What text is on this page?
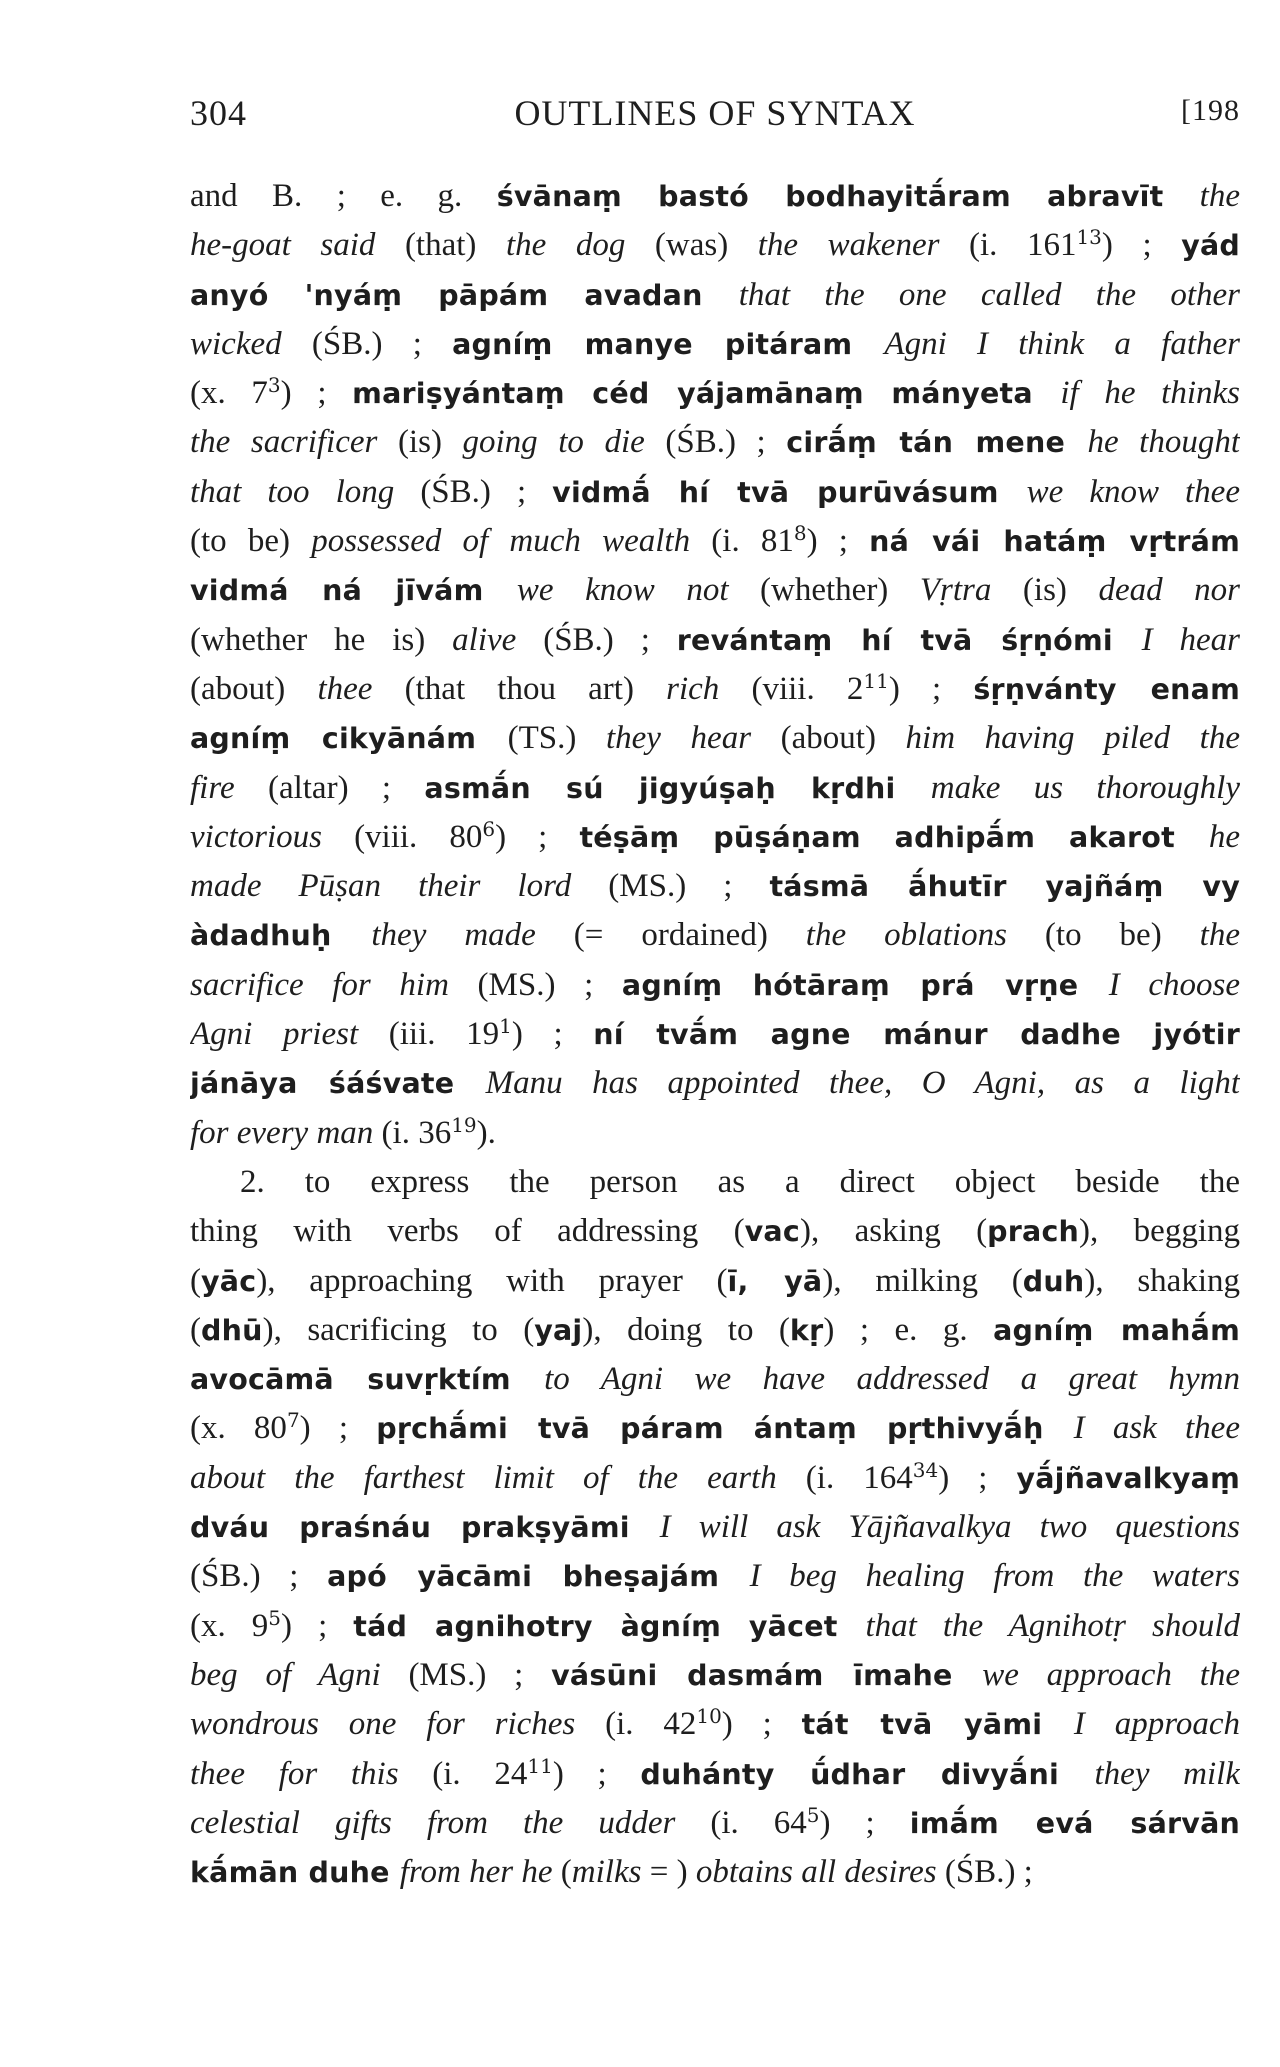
304	OUTLINES OF SYNTAX	[198
and B. ; e. g. śvānaṃ bastó bodhayitā́ram abravīt the
he-goat said (that) the dog (was) the wakener (i. $161^{13}$) ; yád
anyó 'nyáṃ pāpám avadan that the one called the other
wicked (ŚB.) ; agníṃ manye pitáram Agni I think a father
(x. $7^3$) ; mariṣyántaṃ céd yájamānaṃ mányeta if he thinks
the sacrificer (is) going to die (ŚB.) ; cirā́ṃ tán mene he thought
that too long (ŚB.) ; vidmā́ hí tvā purūvásum we know thee
(to be) possessed of much wealth (i. $81^8$) ; ná vái hatáṃ vṛtrám
vidmá ná jīvám we know not (whether) Vṛtra (is) dead nor
(whether he is) alive (ŚB.) ; revántaṃ hí tvā śṛṇómi I hear
(about) thee (that thou art) rich (viii. $2^{11}$) ; śṛṇvánty enam
agníṃ cikyānám (TS.) they hear (about) him having piled the
fire (altar) ; asmā́n sú jigyúṣaḥ kṛdhi make us thoroughly
victorious (viii. $80^6$) ; téṣāṃ pūṣáṇam adhipā́m akarot he
made Pūṣan their lord (MS.) ; tásmā ā́hutīr yajñáṃ vy
àdadhuḥ they made (= ordained) the oblations (to be) the
sacrifice for him (MS.) ; agníṃ hótāraṃ prá vṛṇe I choose
Agni priest (iii. $19^1$) ; ní tvā́m agne mánur dadhe jyótir
jánāya śáśvate Manu has appointed thee, O Agni, as a light
for every man (i. $36^{19}$).
2. to express the person as a direct object beside the
thing with verbs of addressing (vac), asking (prach), begging
(yāc), approaching with prayer (ī, yā), milking (duh), shaking
(dhū), sacrificing to (yaj), doing to (kṛ) ; e. g. agníṃ mahā́m
avocāmā suvṛktím to Agni we have addressed a great hymn
(x. $80^7$) ; pṛchā́mi tvā páram ántaṃ pṛthivyā́ḥ I ask thee
about the farthest limit of the earth (i. $164^{34}$) ; yā́jñavalkyaṃ
dváu praśnáu prakṣyāmi I will ask Yājñavalkya two questions
(ŚB.) ; apó yācāmi bheṣajám I beg healing from the waters
(x. $9^5$) ; tád agnihotry àgníṃ yācet that the Agnihotṛ should
beg of Agni (MS.) ; vásūni dasmám īmahe we approach the
wondrous one for riches (i. $42^{10}$) ; tát tvā yāmi I approach
thee for this (i. $24^{11}$) ; duhánty ū́dhar divyā́ni they milk
celestial gifts from the udder (i. $64^5$) ; imā́m evá sárvān
kā́mān duhe from her he (milks = ) obtains all desires (ŚB.) ;
